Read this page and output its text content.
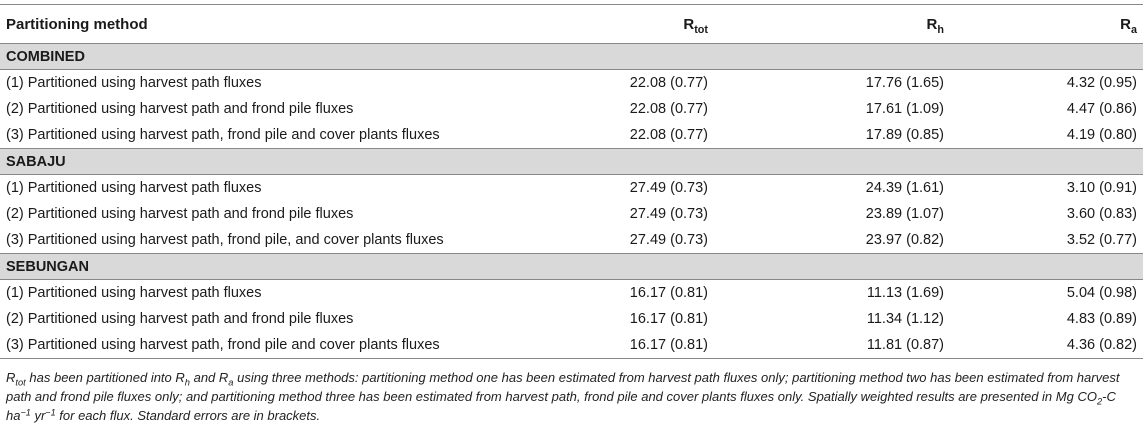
Partitioning method	$R_{tot}$	$R_h$	$R_a$
COMBINED			
(1) Partitioned using harvest path fluxes	22.08 (0.77)	17.76 (1.65)	4.32 (0.95)
(2) Partitioned using harvest path and frond pile fluxes	22.08 (0.77)	17.61 (1.09)	4.47 (0.86)
(3) Partitioned using harvest path, frond pile and cover plants fluxes	22.08 (0.77)	17.89 (0.85)	4.19 (0.80)
SABAJU			
(1) Partitioned using harvest path fluxes	27.49 (0.73)	24.39 (1.61)	3.10 (0.91)
(2) Partitioned using harvest path and frond pile fluxes	27.49 (0.73)	23.89 (1.07)	3.60 (0.83)
(3) Partitioned using harvest path, frond pile, and cover plants fluxes	27.49 (0.73)	23.97 (0.82)	3.52 (0.77)
SEBUNGAN			
(1) Partitioned using harvest path fluxes	16.17 (0.81)	11.13 (1.69)	5.04 (0.98)
(2) Partitioned using harvest path and frond pile fluxes	16.17 (0.81)	11.34 (1.12)	4.83 (0.89)
(3) Partitioned using harvest path, frond pile and cover plants fluxes	16.17 (0.81)	11.81 (0.87)	4.36 (0.82)
$R_{tot}$ has been partitioned into $R_h$ and $R_a$ using three methods: partitioning method one has been estimated from harvest path fluxes only; partitioning method two has been estimated from harvest path and frond pile fluxes only; and partitioning method three has been estimated from harvest path, frond pile and cover plants fluxes only. Spatially weighted results are presented in Mg $CO_2-C$ $ha^{-1}$ $yr^{-1}$ for each flux. Standard errors are in brackets.
